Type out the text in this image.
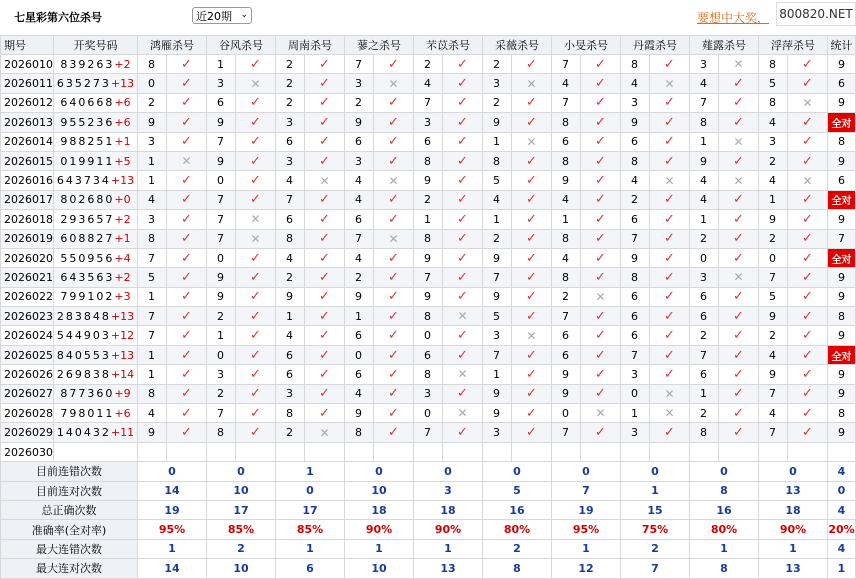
七星彩第六位杀号	近20期 ⌄	要想中大奖， 800820.NET
期号	开奖号码	鸿雁杀号		谷风杀号		周南杀号		蓼之杀号		芣苡杀号		采薇杀号		小旻杀号		丹霞杀号		薤露杀号		浮萍杀号		统计
2026010	839263+2	8	✓	1	✓	2	✓	7	✓	2	✓	2	✓	7	✓	8	✓	3	✕	8	✓	9
2026011	635273+13	0	✓	3	✕	2	✓	3	✕	4	✓	3	✕	4	✓	4	✕	4	✓	5	✓	6
2026012	640668+6	2	✓	6	✓	2	✓	2	✓	7	✓	2	✓	7	✓	3	✓	7	✓	8	✕	9
2026013	955236+6	9	✓	9	✓	3	✓	9	✓	3	✓	9	✓	8	✓	9	✓	8	✓	4	✓	全对
2026014	988251+1	3	✓	7	✓	6	✓	6	✓	6	✓	1	✕	6	✓	6	✓	1	✕	3	✓	8
2026015	019911+5	1	✕	9	✓	3	✓	3	✓	8	✓	8	✓	8	✓	8	✓	9	✓	2	✓	9
2026016	643734+13	1	✓	0	✓	4	✕	4	✕	9	✓	5	✓	9	✓	4	✕	4	✕	4	✕	6
2026017	802680+0	4	✓	7	✓	7	✓	4	✓	2	✓	4	✓	4	✓	2	✓	4	✓	1	✓	全对
2026018	293657+2	3	✓	7	✕	6	✓	6	✓	1	✓	1	✓	1	✓	6	✓	1	✓	9	✓	9
2026019	608827+1	8	✓	7	✕	8	✓	7	✕	8	✓	2	✓	8	✓	7	✓	2	✓	2	✓	7
2026020	550956+4	7	✓	0	✓	4	✓	4	✓	9	✓	9	✓	4	✓	9	✓	0	✓	0	✓	全对
2026021	643563+2	5	✓	9	✓	2	✓	2	✓	7	✓	7	✓	8	✓	8	✓	3	✕	7	✓	9
2026022	799102+3	1	✓	9	✓	9	✓	9	✓	9	✓	9	✓	2	✕	6	✓	6	✓	5	✓	9
2026023	283848+13	7	✓	2	✓	1	✓	1	✓	8	✕	5	✓	7	✓	6	✓	6	✓	9	✓	8
2026024	544903+12	7	✓	1	✓	4	✓	6	✓	0	✓	3	✕	6	✓	6	✓	2	✓	2	✓	9
2026025	840553+13	1	✓	0	✓	6	✓	0	✓	6	✓	7	✓	6	✓	7	✓	7	✓	4	✓	全对
2026026	269838+14	1	✓	3	✓	6	✓	6	✓	8	✕	1	✓	9	✓	3	✓	6	✓	9	✓	9
2026027	877360+9	8	✓	2	✓	3	✓	4	✓	3	✓	9	✓	9	✓	0	✕	1	✓	7	✓	9
2026028	798011+6	4	✓	7	✓	8	✓	9	✓	0	✕	9	✓	0	✕	1	✕	2	✓	4	✓	8
2026029	140432+11	9	✓	8	✓	2	✕	8	✓	7	✓	3	✓	7	✓	3	✓	8	✓	7	✓	9
2026030	当前期杀号	1		8		5		8		0		7		4		1		3		4		
目前连错次数		0		0		1		0		0		0		0		0		0		0		4
目前连对次数		14		10		0		10		3		5		7		1		8		13		0
总正确次数		19		17		17		18		18		16		19		15		16		18		4
准确率(全对率)		95%		85%		85%		90%		90%		80%		95%		75%		80%		90%		20%
最大连错次数		1		2		1		1		1		2		1		2		1		1		4
最大连对次数		14		10		6		10		13		8		12		7		8		13		1
